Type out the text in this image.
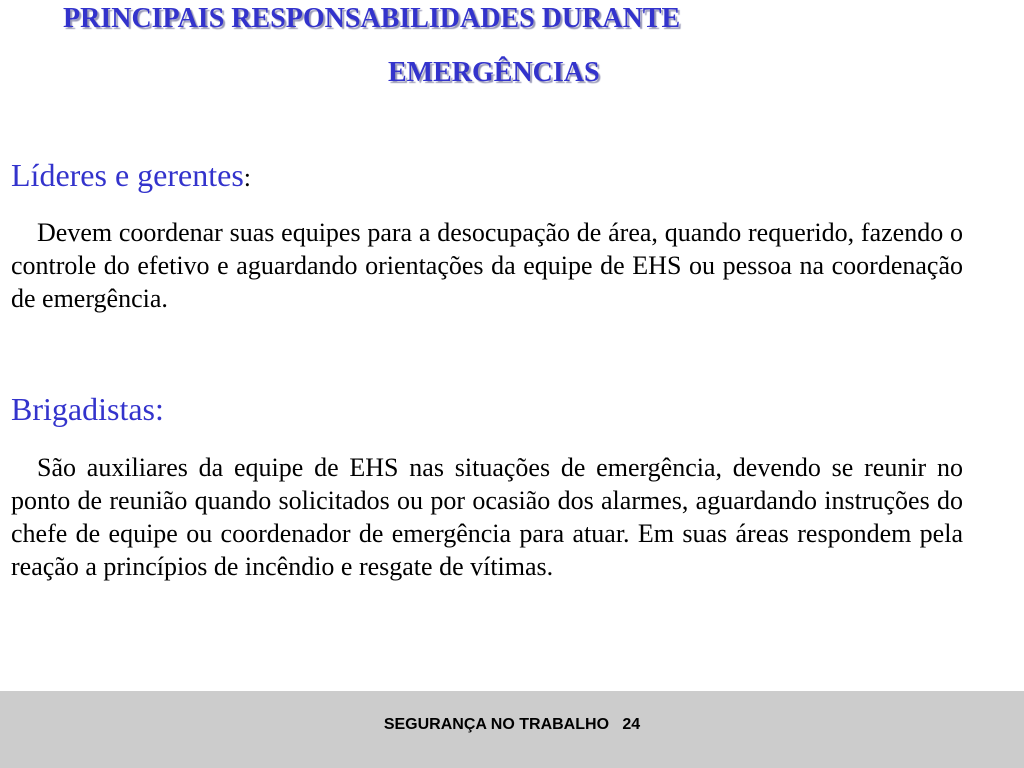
PRINCIPAIS RESPONSABILIDADES DURANTE
EMERGÊNCIAS
Líderes e gerentes:

Devem coordenar suas equipes para a desocupação de área, quando requerido, fazendo o controle do efetivo e aguardando orientações da equipe de EHS ou pessoa na coordenação de emergência.

Brigadistas:

São auxiliares da equipe de EHS nas situações de emergência, devendo se reunir no ponto de reunião quando solicitados ou por ocasião dos alarmes, aguardando instruções do chefe de equipe ou coordenador de emergência para atuar. Em suas áreas respondem pela reação a princípios de incêndio e resgate de vítimas.

SEGURANÇA NO TRABALHO 24
